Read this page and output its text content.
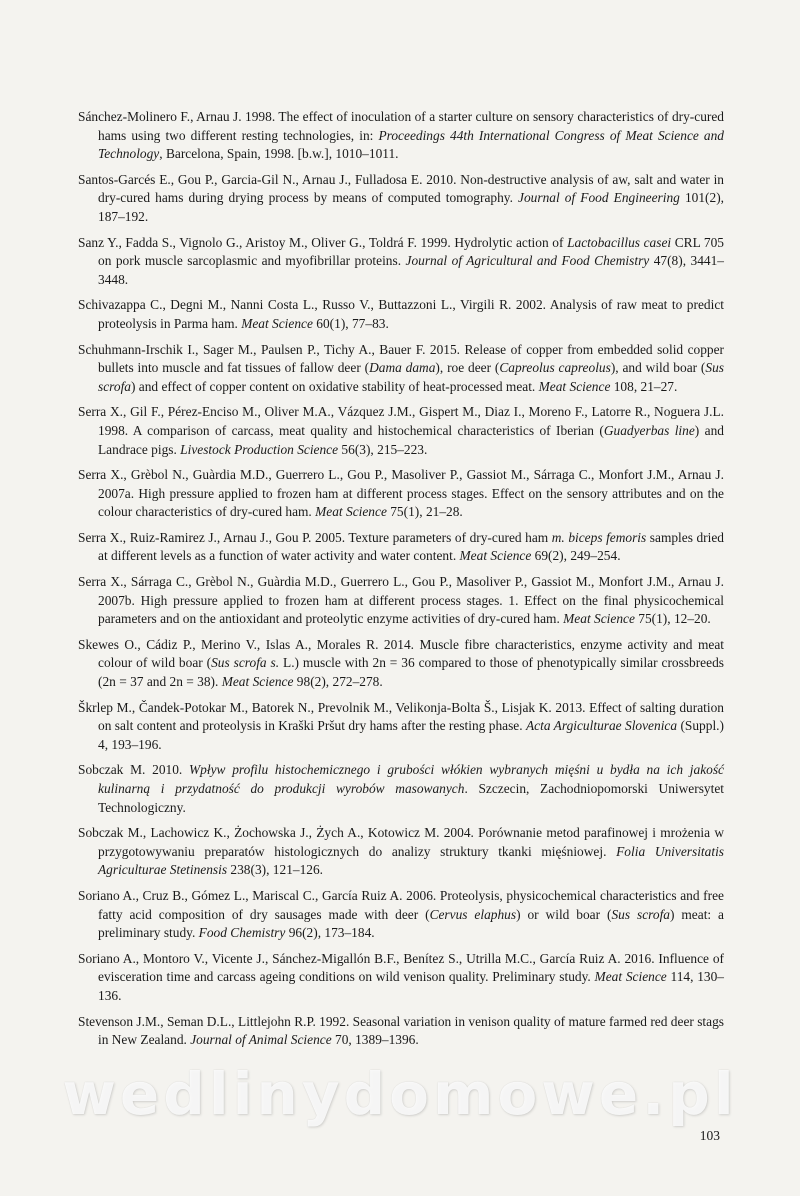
Sánchez-Molinero F., Arnau J. 1998. The effect of inoculation of a starter culture on sensory characteristics of dry-cured hams using two different resting technologies, in: Proceedings 44th International Congress of Meat Science and Technology, Barcelona, Spain, 1998. [b.w.], 1010–1011.
Santos-Garcés E., Gou P., Garcia-Gil N., Arnau J., Fulladosa E. 2010. Non-destructive analysis of aw, salt and water in dry-cured hams during drying process by means of computed tomography. Journal of Food Engineering 101(2), 187–192.
Sanz Y., Fadda S., Vignolo G., Aristoy M., Oliver G., Toldrá F. 1999. Hydrolytic action of Lactobacillus casei CRL 705 on pork muscle sarcoplasmic and myofibrillar proteins. Journal of Agricultural and Food Chemistry 47(8), 3441–3448.
Schivazappa C., Degni M., Nanni Costa L., Russo V., Buttazzoni L., Virgili R. 2002. Analysis of raw meat to predict proteolysis in Parma ham. Meat Science 60(1), 77–83.
Schuhmann-Irschik I., Sager M., Paulsen P., Tichy A., Bauer F. 2015. Release of copper from embedded solid copper bullets into muscle and fat tissues of fallow deer (Dama dama), roe deer (Capreolus capreolus), and wild boar (Sus scrofa) and effect of copper content on oxidative stability of heat-processed meat. Meat Science 108, 21–27.
Serra X., Gil F., Pérez-Enciso M., Oliver M.A., Vázquez J.M., Gispert M., Diaz I., Moreno F., Latorre R., Noguera J.L. 1998. A comparison of carcass, meat quality and histochemical characteristics of Iberian (Guadyerbas line) and Landrace pigs. Livestock Production Science 56(3), 215–223.
Serra X., Grèbol N., Guàrdia M.D., Guerrero L., Gou P., Masoliver P., Gassiot M., Sárraga C., Monfort J.M., Arnau J. 2007a. High pressure applied to frozen ham at different process stages. Effect on the sensory attributes and on the colour characteristics of dry-cured ham. Meat Science 75(1), 21–28.
Serra X., Ruiz-Ramirez J., Arnau J., Gou P. 2005. Texture parameters of dry-cured ham m. biceps femoris samples dried at different levels as a function of water activity and water content. Meat Science 69(2), 249–254.
Serra X., Sárraga C., Grèbol N., Guàrdia M.D., Guerrero L., Gou P., Masoliver P., Gassiot M., Monfort J.M., Arnau J. 2007b. High pressure applied to frozen ham at different process stages. 1. Effect on the final physicochemical parameters and on the antioxidant and proteolytic enzyme activities of dry-cured ham. Meat Science 75(1), 12–20.
Skewes O., Cádiz P., Merino V., Islas A., Morales R. 2014. Muscle fibre characteristics, enzyme activity and meat colour of wild boar (Sus scrofa s. L.) muscle with 2n = 36 compared to those of phenotypically similar crossbreeds (2n = 37 and 2n = 38). Meat Science 98(2), 272–278.
Škrlep M., Čandek-Potokar M., Batorek N., Prevolnik M., Velikonja-Bolta Š., Lisjak K. 2013. Effect of salting duration on salt content and proteolysis in Kraški Pršut dry hams after the resting phase. Acta Argiculturae Slovenica (Suppl.) 4, 193–196.
Sobczak M. 2010. Wpływ profilu histochemicznego i grubości włókien wybranych mięśni u bydła na ich jakość kulinarną i przydatność do produkcji wyrobów masowanych. Szczecin, Zachodniopomorski Uniwersytet Technologiczny.
Sobczak M., Lachowicz K., Żochowska J., Żych A., Kotowicz M. 2004. Porównanie metod parafinowej i mrożenia w przygotowywaniu preparatów histologicznych do analizy struktury tkanki mięśniowej. Folia Universitatis Agriculturae Stetinensis 238(3), 121–126.
Soriano A., Cruz B., Gómez L., Mariscal C., García Ruiz A. 2006. Proteolysis, physicochemical characteristics and free fatty acid composition of dry sausages made with deer (Cervus elaphus) or wild boar (Sus scrofa) meat: a preliminary study. Food Chemistry 96(2), 173–184.
Soriano A., Montoro V., Vicente J., Sánchez-Migallón B.F., Benítez S., Utrilla M.C., García Ruiz A. 2016. Influence of evisceration time and carcass ageing conditions on wild venison quality. Preliminary study. Meat Science 114, 130–136.
Stevenson J.M., Seman D.L., Littlejohn R.P. 1992. Seasonal variation in venison quality of mature farmed red deer stags in New Zealand. Journal of Animal Science 70, 1389–1396.
wedlinydomowe.pl
103
